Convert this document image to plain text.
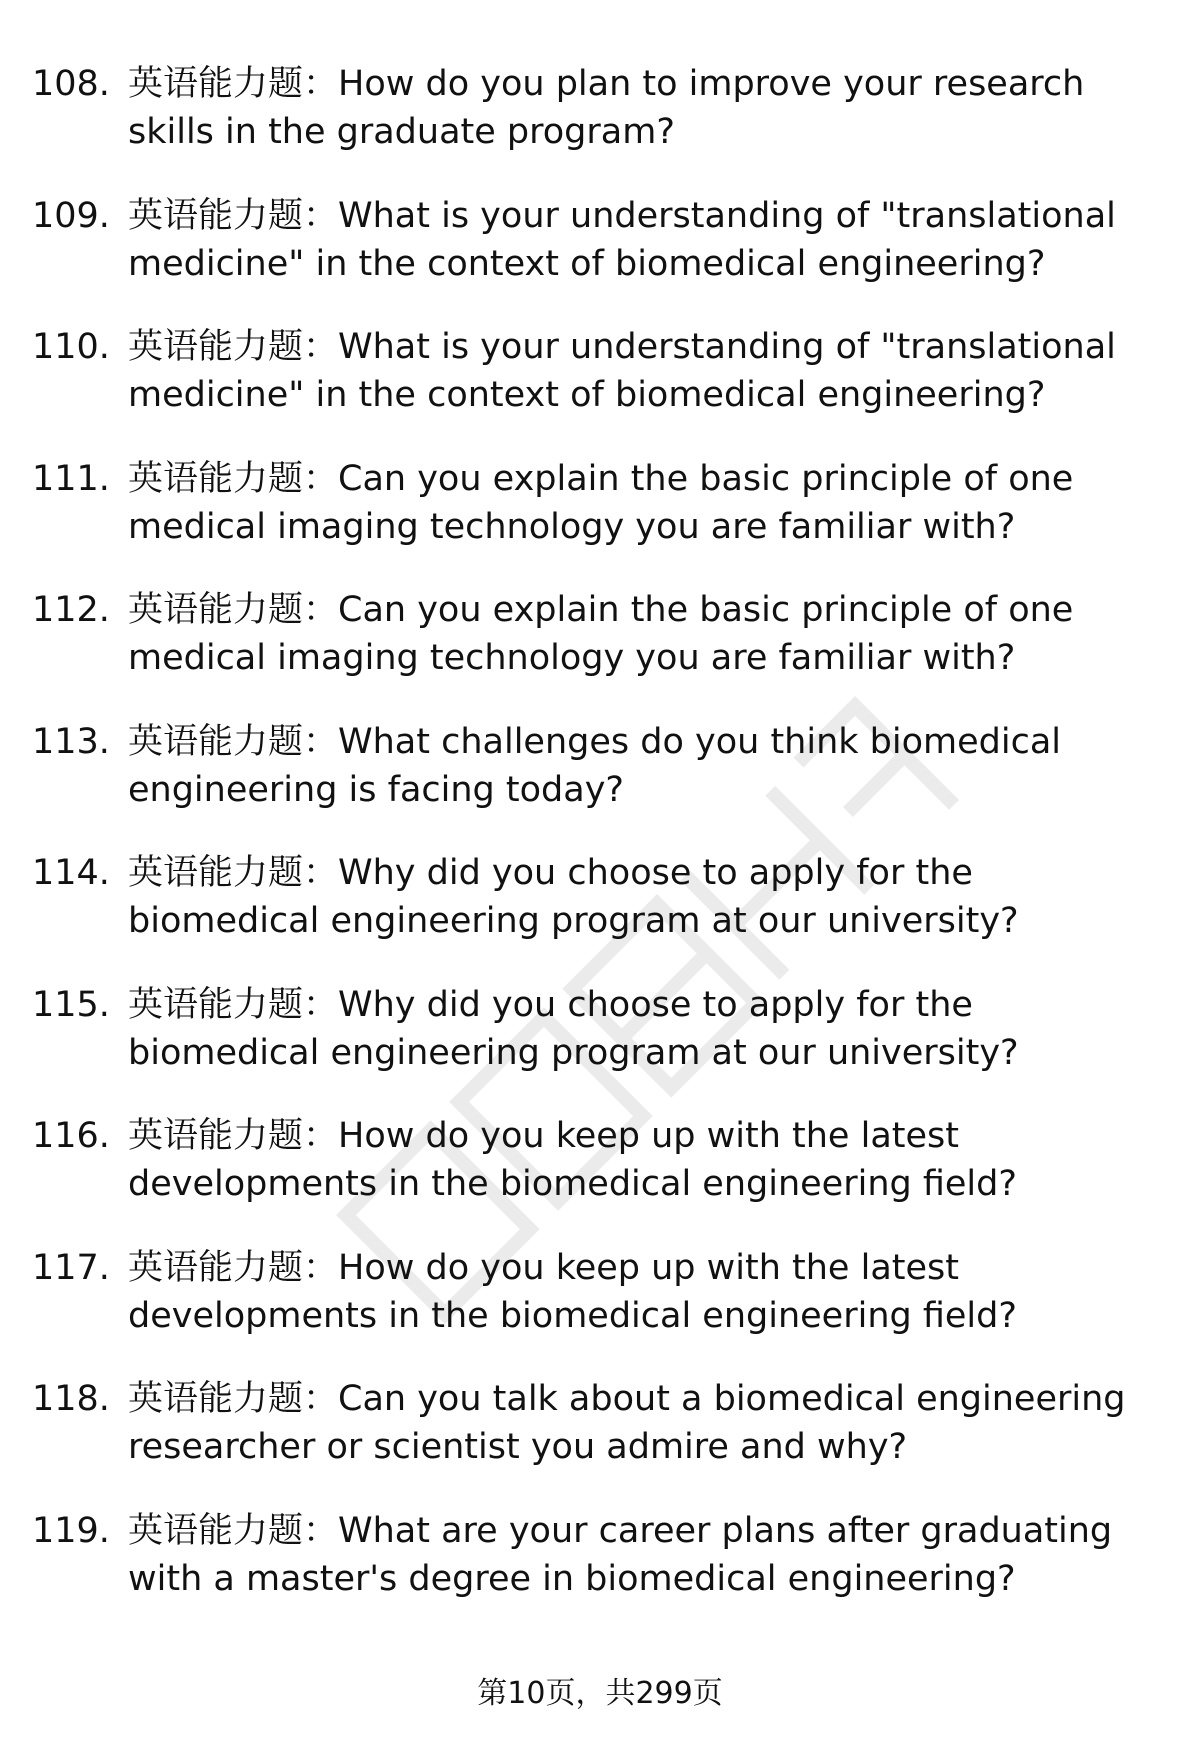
108. 英语能力题：How do you plan to improve your research skills in the graduate program?
109. 英语能力题：What is your understanding of "translational medicine" in the context of biomedical engineering?
110. 英语能力题：What is your understanding of "translational medicine" in the context of biomedical engineering?
111. 英语能力题：Can you explain the basic principle of one medical imaging technology you are familiar with?
112. 英语能力题：Can you explain the basic principle of one medical imaging technology you are familiar with?
113. 英语能力题：What challenges do you think biomedical engineering is facing today?
114. 英语能力题：Why did you choose to apply for the biomedical engineering program at our university?
115. 英语能力题：Why did you choose to apply for the biomedical engineering program at our university?
116. 英语能力题：How do you keep up with the latest developments in the biomedical engineering field?
117. 英语能力题：How do you keep up with the latest developments in the biomedical engineering field?
118. 英语能力题：Can you talk about a biomedical engineering researcher or scientist you admire and why?
119. 英语能力题：What are your career plans after graduating with a master's degree in biomedical engineering?
第10页，共299页
